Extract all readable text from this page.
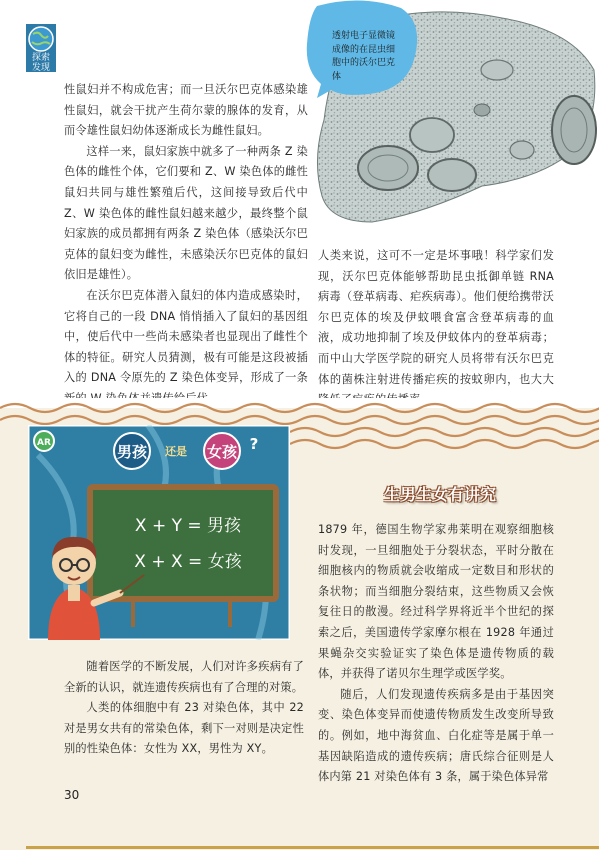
探索
发现
透射电子显微镜成像的在昆虫细胞中的沃尔巴克体

性鼠妇并不构成危害；而一旦沃尔巴克体感染雄性鼠妇，就会干扰产生荷尔蒙的腺体的发育，从而令雄性鼠妇幼体逐渐成长为雌性鼠妇。

这样一来，鼠妇家族中就多了一种两条 Z 染色体的雌性个体，它们要和 Z、W 染色体的雌性鼠妇共同与雄性繁殖后代，这间接导致后代中 Z、W 染色体的雌性鼠妇越来越少，最终整个鼠妇家族的成员都拥有两条 Z 染色体（感染沃尔巴克体的鼠妇变为雌性，未感染沃尔巴克体的鼠妇依旧是雄性）。

在沃尔巴克体潜入鼠妇的体内造成感染时，它将自己的一段 DNA 悄悄插入了鼠妇的基因组中，使后代中一些尚未感染者也显现出了雌性个体的特征。研究人员猜测，极有可能是这段被插入的 DNA 令原先的 Z 染色体变异，形成了一条

人类来说，这可不一定是坏事哦！科学家们发现，沃尔巴克体能够帮助昆虫抵御单链 RNA 病毒（登革病毒、疟疾病毒）。他们便给携带沃尔巴克体的埃及伊蚊喂食富含登革病毒的血液，成功地抑制了埃及伊蚊体内的登革病毒；而中山大学医学院的研究人员将带有沃尔巴克体的菌株注射进传播疟疾的按蚊卵内，也大大

AR	男孩 还是 女孩 ?
X + Y = 男孩
X + X = 女孩
生男生女有讲究

随着医学的不断发展，人们对许多疾病有了全新的认识，就连遗传疾病也有了合理的对策。

人类的体细胞中有 23 对染色体，其中 22 对是男女共有的常染色体，剩下一对则是决定性别的性染色体：女性为 XX，男性为 XY。

1879 年，德国生物学家弗莱明在观察细胞核时发现，一旦细胞处于分裂状态，平时分散在细胞核内的物质就会收缩成一定数目和形状的条状物；而当细胞分裂结束，这些物质又会恢复往日的散漫。经过科学界将近半个世纪的探索之后，美国遗传学家摩尔根在 1928 年通过果蝇杂交实验证实了染色体是遗传物质的载体，并获得了诺贝尔生理学或医学奖。

随后，人们发现遗传疾病多是由于基因突变、染色体变异而使遗传物质发生改变所导致的。例如，地中海贫血、白化症等是属于单一基因缺陷造成的遗传疾病；唐氏综合征则是人体内第 21 对染色体有 3 条，属于染色体异常

30
